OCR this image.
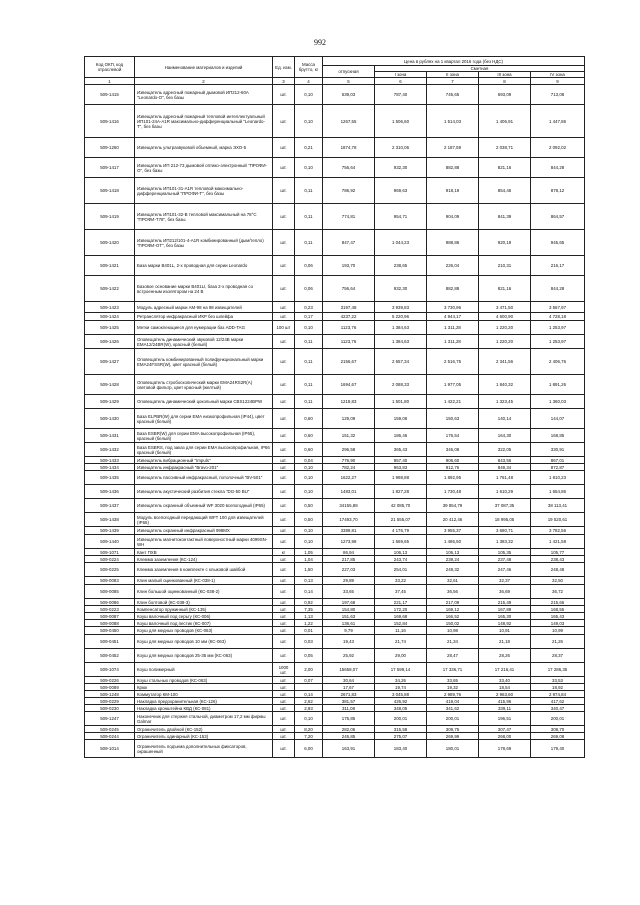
992
Код ОКП, код отраслевой	Наименование материалов и изделий	Ед. изм.	Масса брутто, кг	Цена в рублях на 1 квартал 2016 года (без НДС)				
				отпускная	Сметная			
					I зона	II зона	III зона	IV зона
1	2	3	4	5	6	7	8	9
509-1415	Извещатель адресный пожарный дымовой ИП212-60А "Leonardo-O", без базы	шт.	0,10	639,03	787,40	745,65	693,09	713,08
509-1416	Извещатель адресный пожарный тепловой интеллектуальный ИП101-24А-А1R максимально-дифференциальный "Leonardo-T", без базы	шт.	0,10	1267,55	1 506,60	1 514,03	1 406,91	1 447,86
509-1260	Извещатель ультразвуковой объемный, марка ЭХО-5	шт.	0,21	1874,78	2 310,06	2 187,59	2 038,71	2 092,02
509-1417	Извещатель ИП 212-73 дымовой оптико-электронный "ПРОФИ-О", без базы	шт.	0,10	756,64	932,30	882,88	821,16	844,28
509-1418	Извещатель ИП101-31-A1R тепловой максимально-дифференциальный "ПРОФИ-Т", без базы	шт.	0,11	786,92	969,63	918,19	854,46	878,12
509-1419	Извещатель ИП101-32-В тепловой максимальный на 78°С "ПРОФИ-Т78", без базы	шт.	0,11	774,81	954,71	904,09	841,39	864,57
509-1420	Извещатель ИП212/101-4-A1R комбинированный (дым/тепло) "ПРОФИ-ОТ", без базы	шт.	0,11	847,47	1 044,23	988,86	920,19	945,65
509-1421	База марки В401L, 2-х проводная для серии Leonardo	шт.	0,06	193,70	238,65	226,04	210,31	216,17
509-1422	Базовое основание марки В401LI, база 2-х проводная со встроенным изолятором на 24 В	шт.	0,06	756,64	932,30	882,88	821,16	844,28
509-1423	Модуль адресный марки AM-98 на 98 извещателей	шт.	0,23	3197,48	3 939,83	3 730,96	3 471,50	3 567,97
509-1424	Ретранслятор инфракрасный ИКР без шлейфа	шт.	0,17	4237,22	5 220,96	4 944,17	4 600,90	4 728,18
509-1425	Метки самоклеющиеся для нумерации баз ADD-TAG	100 шт	0,10	1123,76	1 384,63	1 311,28	1 220,20	1 253,97
509-1426	Оповещатель динамический звуковой 12/24В марки EMA12/24BR(W), красный (белый)	шт.	0,11	1123,76	1 384,63	1 311,28	1 220,20	1 253,97
509-1427	Оповещатель комбинированный полифункциональный марки EMA24FSSR(W), цвет красный (белый)	шт.	0,11	2156,67	2 657,34	2 516,75	2 341,56	2 406,76
509-1428	Оповещатель стробоскопический марки EMA24RS2R(A) световой фильтр, цвет красный (желтый)	шт.	0,11	1694,67	2 088,33	1 977,05	1 840,32	1 891,26
509-1429	Оповещатель динамический цокольный марки CBS1224BPW	шт.	0,11	1218,83	1 501,80	1 422,21	1 323,45	1 360,03
509-1430	База ELPBR(W) для серии EMA низкопрофильная (IP44), цвет красный (белый)	шт.	0,60	129,09	159,06	150,63	140,14	144,07
509-1431	База ESBR(W) для серии EMA высокопрофильная (IP65), красный (белый)	шт.	0,60	151,32	186,46	176,54	164,30	168,85
509-1432	База ESBRS, под заказ для серии EMA высокопрофильная, IP66 красный (белый)	шт.	0,60	296,58	365,43	346,08	322,05	330,91
509-1433	Извещатель вибрационный "Impuls"	шт.	0,04	776,90	957,40	906,60	843,56	867,01
509-1434	Извещатель инфракрасный "Bravo-201"	шт.	0,10	782,24	963,83	912,76	849,34	872,87
509-1435	Извещатель пассивный инфракрасный, потолочный "BV-501"	шт.	0,10	1622,27	1 998,88	1 892,95	1 761,48	1 810,23
509-1436	Извещатель акустический разбития стекла "DG-50 BU"	шт.	0,10	1483,01	1 827,28	1 730,48	1 610,29	1 654,86
509-1437	Извещатель охранный объемный WF 3020 всепогодный (IP65)	шт.	0,50	34155,88	42 085,70	39 854,79	37 087,35	38 113,41
509-1438	Модуль всепогодный передающий WFT 100 для извещателей (IP65)	шт.	0,50	17493,70	21 555,07	20 412,46	18 995,05	19 520,61
509-1439	Извещатель охранный инфракрасный 998МХ	шт.	0,10	3389,81	4 176,79	3 955,37	3 680,71	3 782,56
509-1440	Извещатель магнитоконтактный поверхностный марки 4099SN-WH	шт.	0,10	1273,98	1 569,65	1 486,50	1 383,32	1 421,58
509-1071	Кант ПХВ	кг	1,05	86,94	106,13	106,13	105,35	105,77
509-0224	Клемма заземления (КС-124)	шт.	1,04	217,85	243,74	239,24	237,48	238,43
509-0225	Клемма заземления в комплекте с клыковой шайбой	шт.	1,50	227,03	254,01	249,32	247,46	248,48
509-0083	Клин малый оцинкованный (КС-038-1)	шт.	0,13	29,89	33,22	32,61	32,37	32,50
509-0085	Клин большой оцинкованный (КС-038-2)	шт.	0,14	33,65	37,45	36,56	36,69	36,72
509-0086	Клин болтовой (КС-038-3)	шт.	0,92	197,68	221,17	217,09	215,49	215,66
509-0223	Компенсатор пружинный (КС-135)	шт.	7,35	154,80	172,20	169,12	167,88	168,55
509-0087	Коуш валочный под серьгу (КС-006)	шт.	1,13	151,63	169,68	166,52	165,30	165,43
509-0088	Коуш валочный под пестик (КС-007)	шт.	1,22	136,61	152,84	150,02	148,92	149,03
509-0450	Коуш для медных проводов (КС-063)	шт.	0,01	9,79	11,16	10,98	10,91	10,99
509-0451	Коуш для медных проводов 10 мм (КС-063)	шт.	0,03	19,43	21,74	21,34	21,18	21,26
509-0452	Коуш для медных проводов 25-35 мм (КС-063)	шт.	0,05	25,92	29,00	28,47	28,26	28,37
509-1074	Коуш полимерный	1000 шт.	2,00	15658,07	17 599,14	17 336,71	17 216,41	17 286,35
509-0226	Коуш стальных проводов (КС-063)	шт.	0,07	30,64	34,26	33,65	33,40	33,53
509-0089	Крюк	шт.		17,67	19,74	19,32	18,54	18,92
509-1248	Коммутатор КМ-100	шт.	0,14	2671,83	3 045,88	2 989,76	2 963,60	2 974,84
509-0229	Накладка предохранительная (КС-126)	шт.	2,62	381,57	426,92	419,04	415,96	417,62
509-0230	Накладка кронштейна КВД (КС-081)	шт.	2,93	311,08	348,05	341,62	339,11	340,47
509-1247	Наконечник для стержня стальной, диаметром 17,2 мм фирмы Galmar	шт.	0,10	175,85	200,01	200,01	196,51	200,01
509-0245	Ограничитель двойной (КС-152)	шт.	8,20	282,06	315,58	309,75	307,47	308,70
509-0244	Ограничитель одинарный (КС-153)	шт.	7,20	245,85	275,07	269,99	268,00	269,08
509-1014	Ограничитель подъема дополнительных фиксаторов, окрашенный	шт.	6,00	163,91	183,40	180,01	178,69	179,40
